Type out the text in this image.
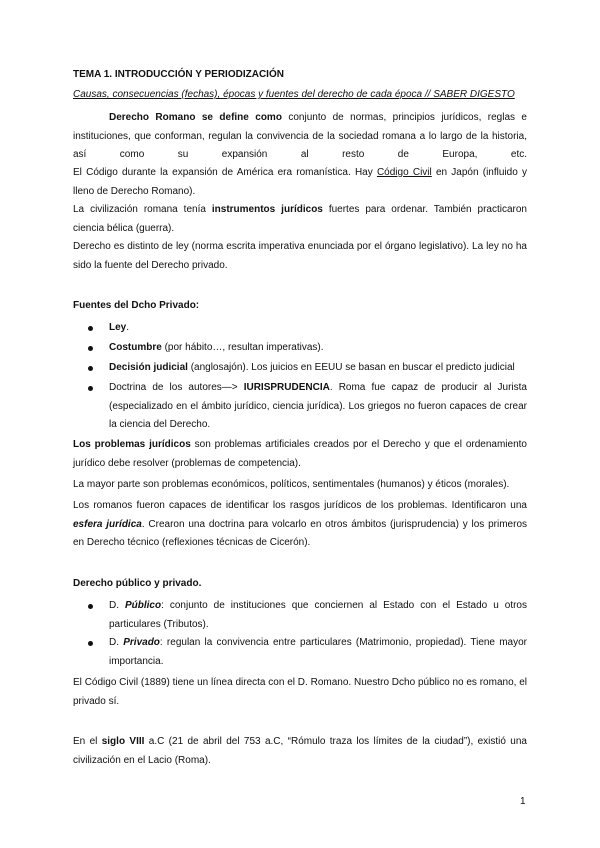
TEMA 1. INTRODUCCIÓN Y PERIODIZACIÓN
Causas, consecuencias (fechas), épocas y fuentes del derecho de cada época // SABER DIGESTO
Derecho Romano se define como conjunto de normas, principios jurídicos, reglas e instituciones, que conforman, regulan la convivencia de la sociedad romana a lo largo de la historia, así como su expansión al resto de Europa, etc.
El Código durante la expansión de América era romanística. Hay Código Civil en Japón (influido y lleno de Derecho Romano).
La civilización romana tenía instrumentos jurídicos fuertes para ordenar. También practicaron ciencia bélica (guerra).
Derecho es distinto de ley (norma escrita imperativa enunciada por el órgano legislativo). La ley no ha sido la fuente del Derecho privado.
Fuentes del Dcho Privado:
Ley.
Costumbre (por hábito…, resultan imperativas).
Decisión judicial (anglosajón). Los juicios en EEUU se basan en buscar el predicto judicial
Doctrina de los autores—> IURISPRUDENCIA. Roma fue capaz de producir al Jurista (especializado en el ámbito jurídico, ciencia jurídica). Los griegos no fueron capaces de crear la ciencia del Derecho.
Los problemas jurídicos son problemas artificiales creados por el Derecho y que el ordenamiento jurídico debe resolver (problemas de competencia).
La mayor parte son problemas económicos, políticos, sentimentales (humanos) y éticos (morales).
Los romanos fueron capaces de identificar los rasgos jurídicos de los problemas. Identificaron una esfera jurídica. Crearon una doctrina para volcarlo en otros ámbitos (jurisprudencia) y los primeros en Derecho técnico (reflexiones técnicas de Cicerón).
Derecho público y privado.
D. Público: conjunto de instituciones que conciernen al Estado con el Estado u otros particulares (Tributos).
D. Privado: regulan la convivencia entre particulares (Matrimonio, propiedad). Tiene mayor importancia.
El Código Civil (1889) tiene un línea directa con el D. Romano. Nuestro Dcho público no es romano, el privado sí.
En el siglo VIII a.C (21 de abril del 753 a.C, “Rómulo traza los límites de la ciudad”), existió una civilización en el Lacio (Roma).
1
